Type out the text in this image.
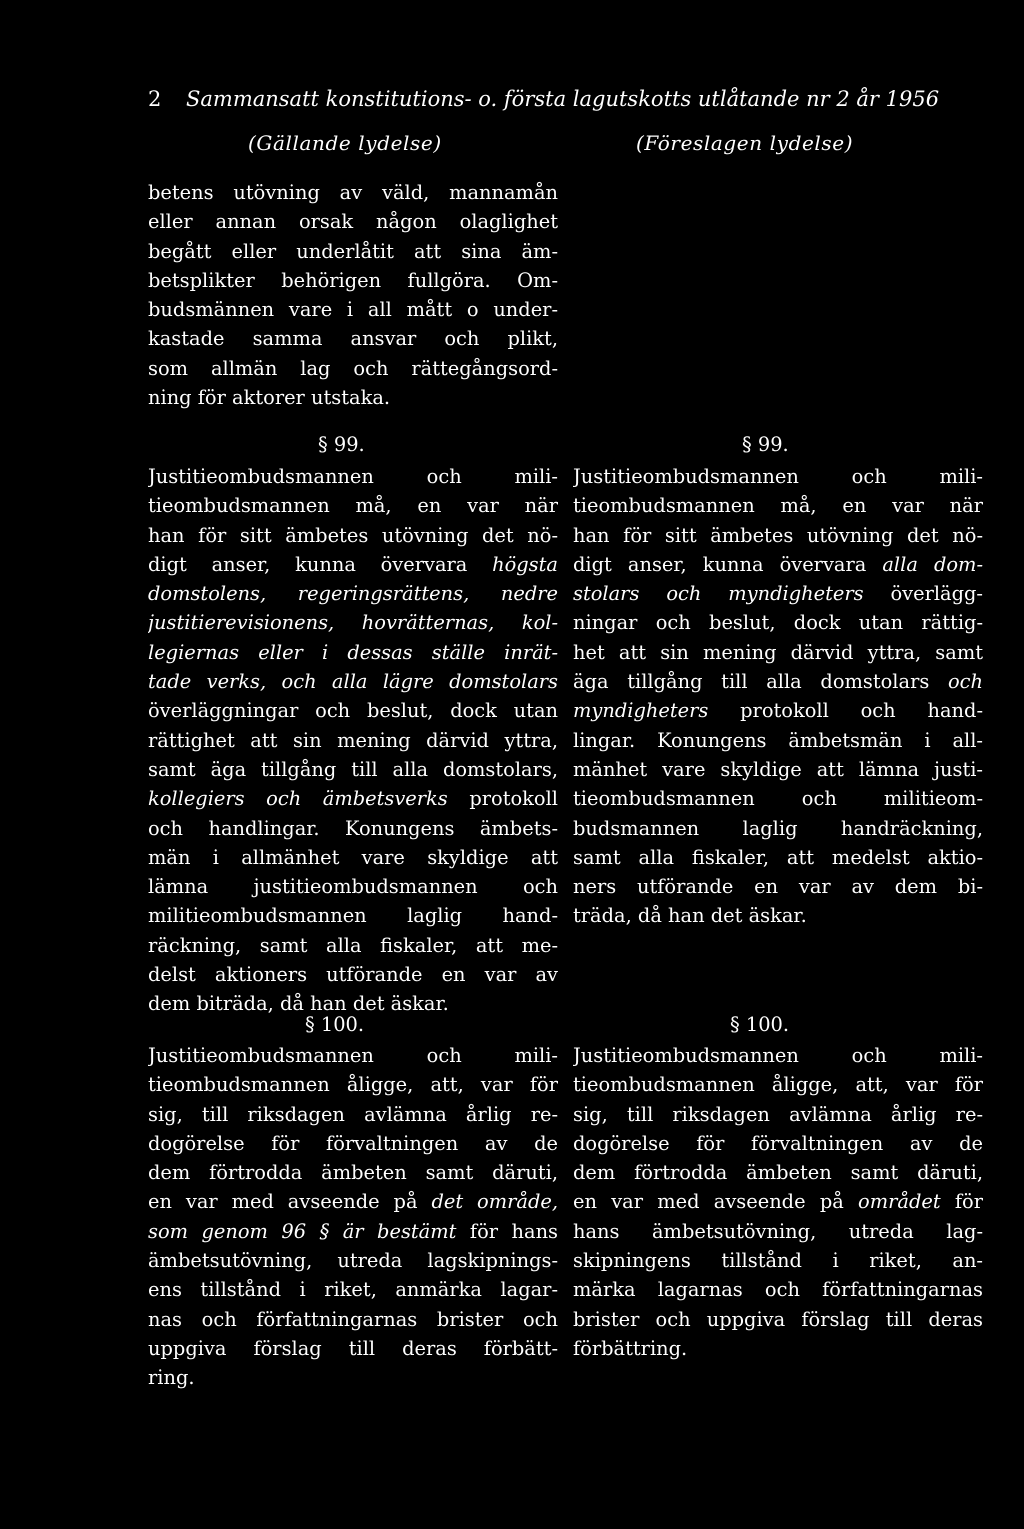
2 Sammansatt konstitutions- o. första lagutskotts utlåtande nr 2 år 1956
(Gällande lydelse)	(Föreslagen lydelse)
betens utövning av väld, mannamån
eller annan orsak någon olaglighet
begått eller underlåtit att sina äm-
betsplikter behörigen fullgöra. Om-
budsmännen vare i all mått o under-
kastade samma ansvar och plikt,
som allmän lag och rättegångsord-
ning för aktorer utstaka.
§ 99.	§ 99.
Justitieombudsmannen och mili-
tieombudsmannen må, en var när
han för sitt ämbetes utövning det nö-
digt anser, kunna övervara högsta
domstolens, regeringsrättens, nedre
justitierevisionens, hovrätternas, kol-
legiernas eller i dessas ställe inrät-
tade verks, och alla lägre domstolars
överläggningar och beslut, dock utan
rättighet att sin mening därvid yttra,
samt äga tillgång till alla domstolars,
kollegiers och ämbetsverks protokoll
och handlingar. Konungens ämbets-
män i allmänhet vare skyldige att
lämna justitieombudsmannen och
militieombudsmannen laglig hand-
räckning, samt alla fiskaler, att me-
delst aktioners utförande en var av
dem biträda, då han det äskar.
Justitieombudsmannen och mili-
tieombudsmannen må, en var när
han för sitt ämbetes utövning det nö-
digt anser, kunna övervara alla dom-
stolars och myndigheters överlägg-
ningar och beslut, dock utan rättig-
het att sin mening därvid yttra, samt
äga tillgång till alla domstolars och
myndigheters protokoll och hand-
lingar. Konungens ämbetsmän i all-
mänhet vare skyldige att lämna justi-
tieombudsmannen och militieom-
budsmannen laglig handräckning,
samt alla fiskaler, att medelst aktio-
ners utförande en var av dem bi-
träda, då han det äskar.
§ 100.	§ 100.
Justitieombudsmannen och mili-
tieombudsmannen åligge, att, var för
sig, till riksdagen avlämna årlig re-
dogörelse för förvaltningen av de
dem förtrodda ämbeten samt däruti,
en var med avseende på det område,
som genom 96 § är bestämt för hans
ämbetsutövning, utreda lagskipnings-
ens tillstånd i riket, anmärka lagar-
nas och författningarnas brister och
uppgiva förslag till deras förbätt-
ring.
Justitieombudsmannen och mili-
tieombudsmannen åligge, att, var för
sig, till riksdagen avlämna årlig re-
dogörelse för förvaltningen av de
dem förtrodda ämbeten samt däruti,
en var med avseende på området för
hans ämbetsutövning, utreda lag-
skipningens tillstånd i riket, an-
märka lagarnas och författningarnas
brister och uppgiva förslag till deras
förbättring.
